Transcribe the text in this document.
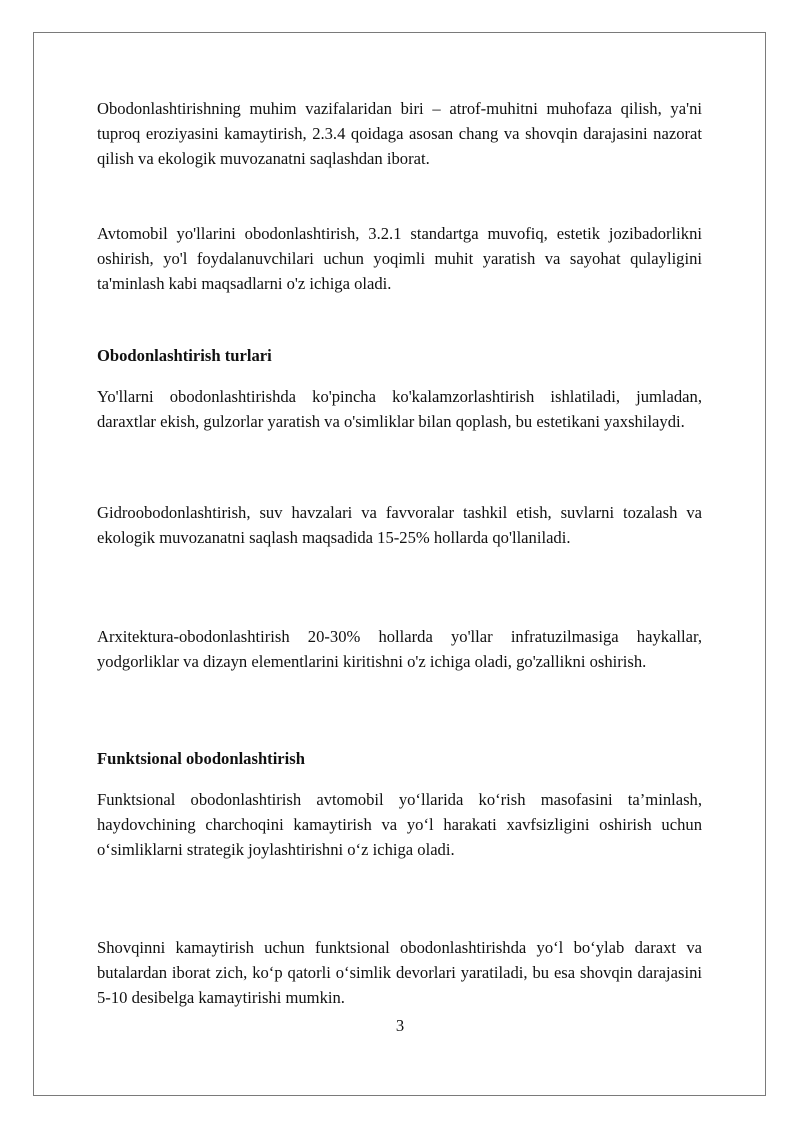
Obodonlashtirishning muhim vazifalaridan biri – atrof-muhitni muhofaza qilish, ya'ni tuproq eroziyasini kamaytirish, 2.3.4 qoidaga asosan chang va shovqin darajasini nazorat qilish va ekologik muvozanatni saqlashdan iborat.

Avtomobil yo'llarini obodonlashtirish, 3.2.1 standartga muvofiq, estetik jozibadorlikni oshirish, yo'l foydalanuvchilari uchun yoqimli muhit yaratish va sayohat qulayligini ta'minlash kabi maqsadlarni o'z ichiga oladi.

Obodonlashtirish turlari

Yo'llarni obodonlashtirishda ko'pincha ko'kalamzorlashtirish ishlatiladi, jumladan, daraxtlar ekish, gulzorlar yaratish va o'simliklar bilan qoplash, bu estetikani yaxshilaydi.

Gidroobodonlashtirish, suv havzalari va favvoralar tashkil etish, suvlarni tozalash va ekologik muvozanatni saqlash maqsadida 15-25% hollarda qo'llaniladi.

Arxitektura-obodonlashtirish 20-30% hollarda yo'llar infratuzilmasiga haykallar, yodgorliklar va dizayn elementlarini kiritishni o'z ichiga oladi, go'zallikni oshirish.

Funktsional obodonlashtirish

Funktsional obodonlashtirish avtomobil yo‘llarida ko‘rish masofasini ta’minlash, haydovchining charchoqini kamaytirish va yo‘l harakati xavfsizligini oshirish uchun o‘simliklarni strategik joylashtirishni o‘z ichiga oladi.

Shovqinni kamaytirish uchun funktsional obodonlashtirishda yo‘l bo‘ylab daraxt va butalardan iborat zich, ko‘p qatorli o‘simlik devorlari yaratiladi, bu esa shovqin darajasini 5-10 desibelga kamaytirishi mumkin.

3
